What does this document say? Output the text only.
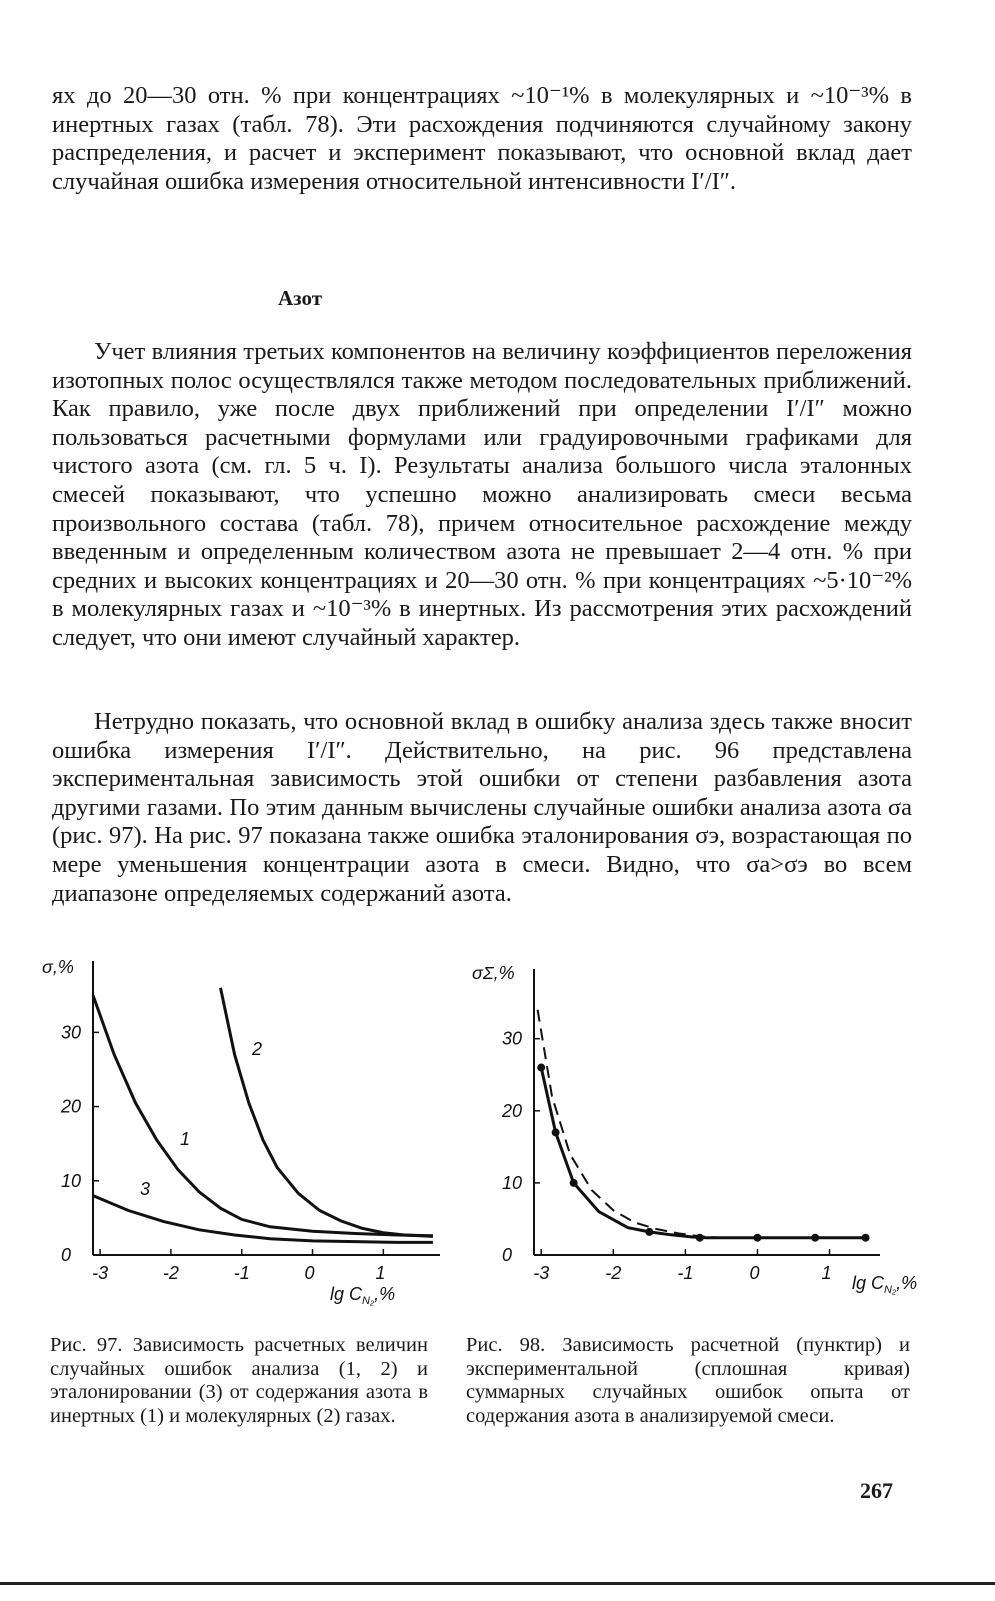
ях до 20—30 отн. % при концентрациях ~10⁻¹% в молекулярных и ~10⁻³% в инертных газах (табл. 78). Эти расхождения подчиняются случайному закону распределения, и расчет и эксперимент показывают, что основной вклад дает случайная ошибка измерения относительной интенсивности I′/I″.

Азот

Учет влияния третьих компонентов на величину коэффициентов переложения изотопных полос осуществлялся также методом последовательных приближений. Как правило, уже после двух приближений при определении I′/I″ можно пользоваться расчетными формулами или градуировочными графиками для чистого азота (см. гл. 5 ч. I). Результаты анализа большого числа эталонных смесей показывают, что успешно можно анализировать смеси весьма произвольного состава (табл. 78), причем относительное расхождение между введенным и определенным количеством азота не превышает 2—4 отн. % при средних и высоких концентрациях и 20—30 отн. % при концентрациях ~5·10⁻²% в молекулярных газах и ~10⁻³% в инертных. Из рассмотрения этих расхождений следует, что они имеют случайный характер.

Нетрудно показать, что основной вклад в ошибку анализа здесь также вносит ошибка измерения I′/I″. Действительно, на рис. 96 представлена экспериментальная зависимость этой ошибки от степени разбавления азота другими газами. По этим данным вычислены случайные ошибки анализа азота σа (рис. 97). На рис. 97 показана также ошибка эталонирования σэ, возрастающая по мере уменьшения концентрации азота в смеси. Видно, что σа>σэ во всем диапазоне определяемых содержаний азота.

-3	-2	-1	0	1
0
10
20
30
σ,%
$\lg C_{N_2},\%$
2
1
3
-3	-2	-1	0	1
0
10
20
30
σΣ,%
$\lg C_{N_2},\%$

Рис. 97. Зависимость расчетных величин случайных ошибок анализа (1, 2) и эталонировании (3) от содержания азота в инертных (1) и молекулярных (2) газах.

Рис. 98. Зависимость расчетной (пунктир) и экспериментальной (сплошная кривая) суммарных случайных ошибок опыта от содержания азота в анализируемой смеси.

267
